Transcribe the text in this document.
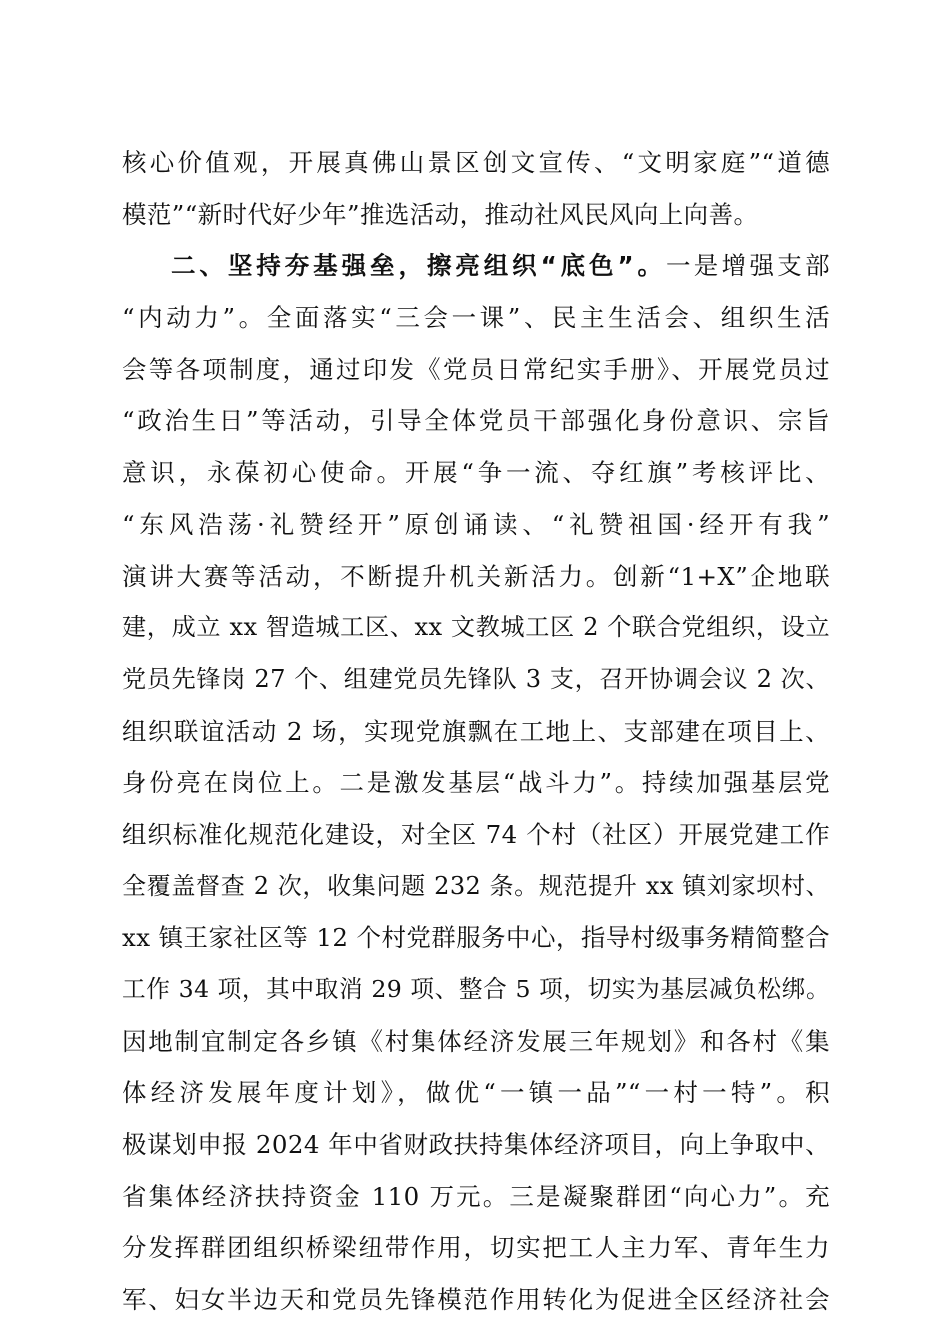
核心价值观，开展真佛山景区创文宣传、“文明家庭”“道德
模范”“新时代好少年”推选活动，推动社风民风向上向善。
二、坚持夯基强垒，擦亮组织“底色”。一是增强支部
“内动力”。全面落实“三会一课”、民主生活会、组织生活
会等各项制度，通过印发《党员日常纪实手册》、开展党员过
“政治生日”等活动，引导全体党员干部强化身份意识、宗旨
意识，永葆初心使命。开展“争一流、夺红旗”考核评比、
“东风浩荡·礼赞经开”原创诵读、“礼赞祖国·经开有我”
演讲大赛等活动，不断提升机关新活力。创新“1+X”企地联
建，成立 xx 智造城工区、xx 文教城工区 2 个联合党组织，设立
党员先锋岗 27 个、组建党员先锋队 3 支，召开协调会议 2 次、
组织联谊活动 2 场，实现党旗飘在工地上、支部建在项目上、
身份亮在岗位上。二是激发基层“战斗力”。持续加强基层党
组织标准化规范化建设，对全区 74 个村（社区）开展党建工作
全覆盖督查 2 次，收集问题 232 条。规范提升 xx 镇刘家坝村、
xx 镇王家社区等 12 个村党群服务中心，指导村级事务精简整合
工作 34 项，其中取消 29 项、整合 5 项，切实为基层减负松绑。
因地制宜制定各乡镇《村集体经济发展三年规划》和各村《集
体经济发展年度计划》，做优“一镇一品”“一村一特”。积
极谋划申报 2024 年中省财政扶持集体经济项目，向上争取中、
省集体经济扶持资金 110 万元。三是凝聚群团“向心力”。充
分发挥群团组织桥梁纽带作用，切实把工人主力军、青年生力
军、妇女半边天和党员先锋模范作用转化为促进全区经济社会
